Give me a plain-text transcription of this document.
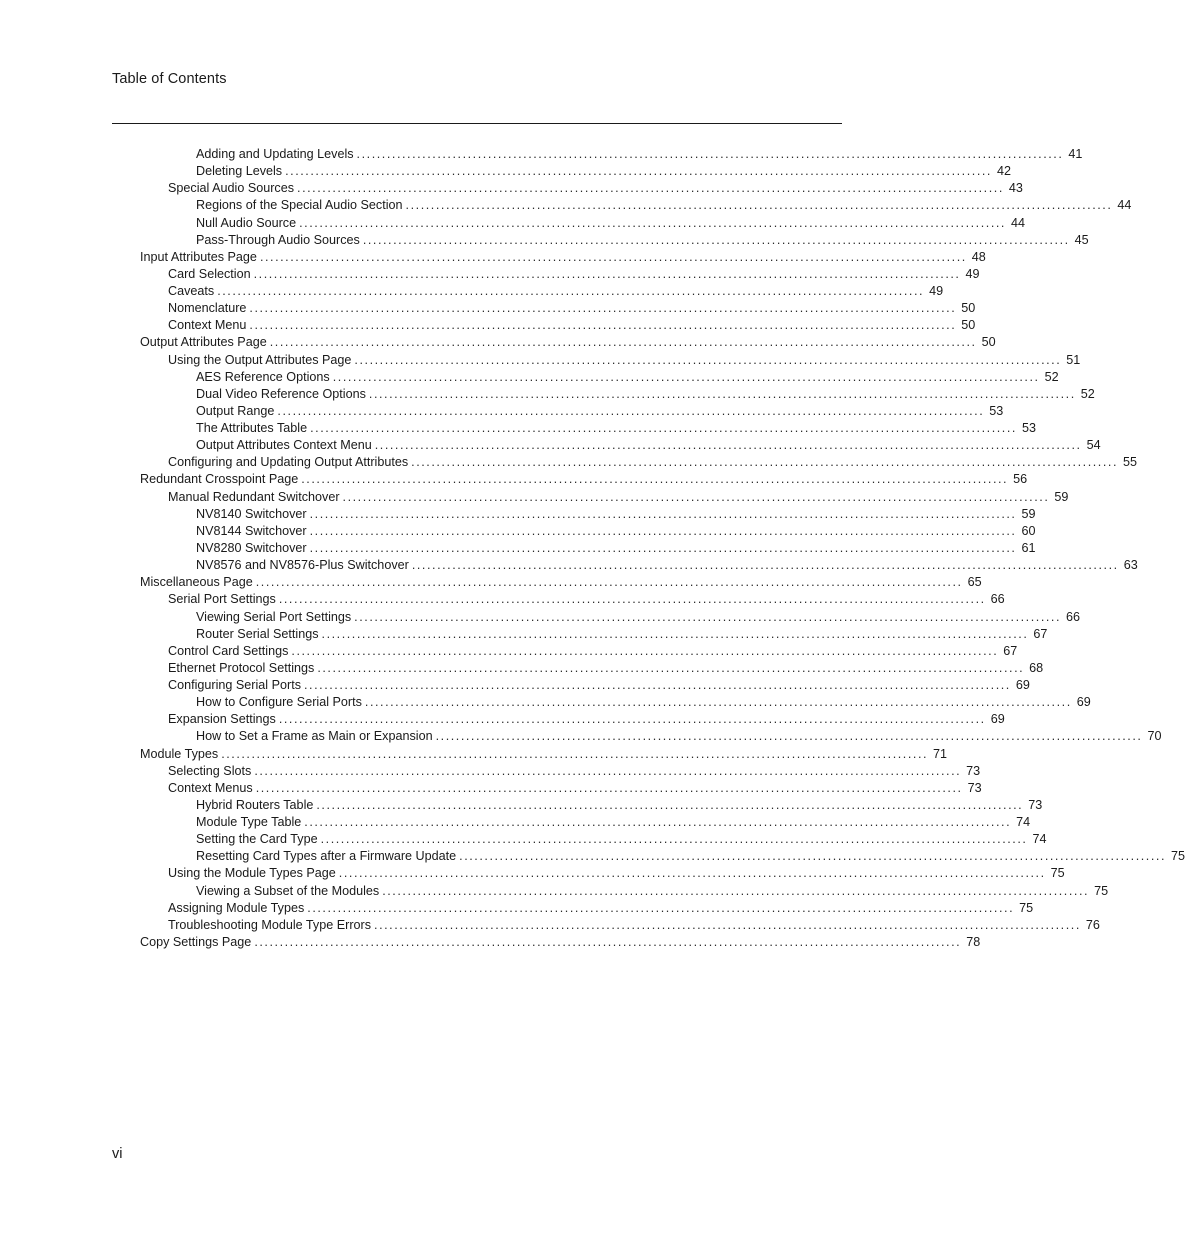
Table of Contents
Adding and Updating Levels ............................................................................................................................................ 41
Deleting Levels ............................................................................................................................................ 42
Special Audio Sources ............................................................................................................................................ 43
Regions of the Special Audio Section ............................................................................................................................................ 44
Null Audio Source ............................................................................................................................................ 44
Pass-Through Audio Sources ............................................................................................................................................ 45
Input Attributes Page ............................................................................................................................................ 48
Card Selection ............................................................................................................................................ 49
Caveats ............................................................................................................................................ 49
Nomenclature ............................................................................................................................................ 50
Context Menu ............................................................................................................................................ 50
Output Attributes Page ............................................................................................................................................ 50
Using the Output Attributes Page ............................................................................................................................................ 51
AES Reference Options ............................................................................................................................................ 52
Dual Video Reference Options ............................................................................................................................................ 52
Output Range ............................................................................................................................................ 53
The Attributes Table ............................................................................................................................................ 53
Output Attributes Context Menu ............................................................................................................................................ 54
Configuring and Updating Output Attributes ............................................................................................................................................ 55
Redundant Crosspoint Page ............................................................................................................................................ 56
Manual Redundant Switchover ............................................................................................................................................ 59
NV8140 Switchover ............................................................................................................................................ 59
NV8144 Switchover ............................................................................................................................................ 60
NV8280 Switchover ............................................................................................................................................ 61
NV8576 and NV8576-Plus Switchover ............................................................................................................................................ 63
Miscellaneous Page ............................................................................................................................................ 65
Serial Port Settings ............................................................................................................................................ 66
Viewing Serial Port Settings ............................................................................................................................................ 66
Router Serial Settings ............................................................................................................................................ 67
Control Card Settings ............................................................................................................................................ 67
Ethernet Protocol Settings ............................................................................................................................................ 68
Configuring Serial Ports ............................................................................................................................................ 69
How to Configure Serial Ports ............................................................................................................................................ 69
Expansion Settings ............................................................................................................................................ 69
How to Set a Frame as Main or Expansion ............................................................................................................................................ 70
Module Types ............................................................................................................................................ 71
Selecting Slots ............................................................................................................................................ 73
Context Menus ............................................................................................................................................ 73
Hybrid Routers Table ............................................................................................................................................ 73
Module Type Table ............................................................................................................................................ 74
Setting the Card Type ............................................................................................................................................ 74
Resetting Card Types after a Firmware Update ............................................................................................................................................ 75
Using the Module Types Page ............................................................................................................................................ 75
Viewing a Subset of the Modules ............................................................................................................................................ 75
Assigning Module Types ............................................................................................................................................ 75
Troubleshooting Module Type Errors ............................................................................................................................................ 76
Copy Settings Page ............................................................................................................................................ 78
vi
